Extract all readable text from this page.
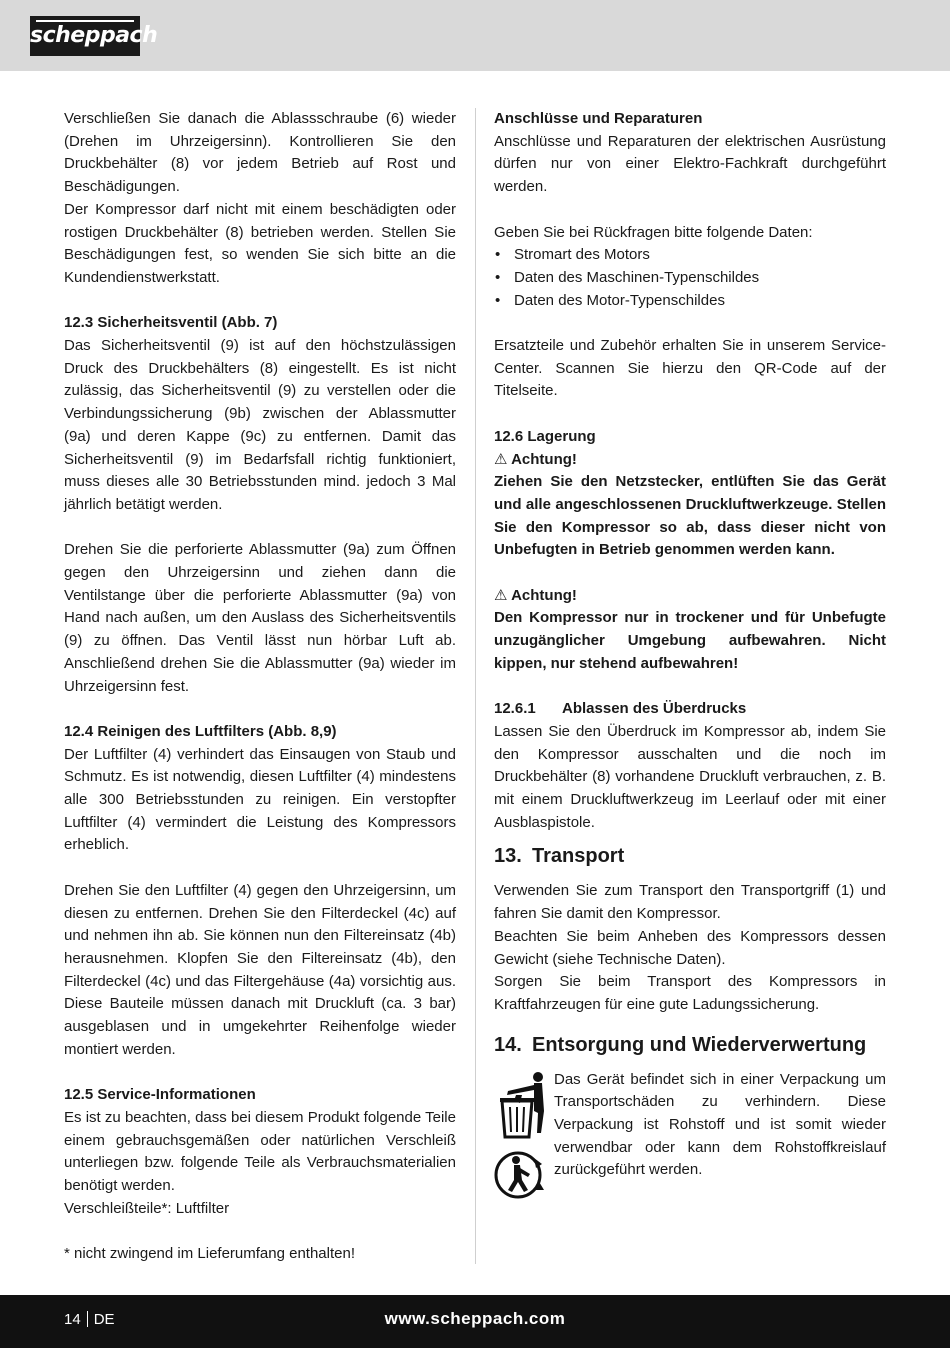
scheppach

Verschließen Sie danach die Ablassschraube (6) wieder (Drehen im Uhrzeigersinn). Kontrollieren Sie den Druckbehälter (8) vor jedem Betrieb auf Rost und Beschädigungen.

Der Kompressor darf nicht mit einem beschädigten oder rostigen Druckbehälter (8) betrieben werden. Stellen Sie Beschädigungen fest, so wenden Sie sich bitte an die Kundendienstwerkstatt.

12.3 Sicherheitsventil (Abb. 7)

Das Sicherheitsventil (9) ist auf den höchstzulässigen Druck des Druckbehälters (8) eingestellt. Es ist nicht zulässig, das Sicherheitsventil (9) zu verstellen oder die Verbindungssicherung (9b) zwischen der Ablassmutter (9a) und deren Kappe (9c) zu entfernen. Damit das Sicherheitsventil (9) im Bedarfsfall richtig funktioniert, muss dieses alle 30 Betriebsstunden mind. jedoch 3 Mal jährlich betätigt werden.

Drehen Sie die perforierte Ablassmutter (9a) zum Öffnen gegen den Uhrzeigersinn und ziehen dann die Ventilstange über die perforierte Ablassmutter (9a) von Hand nach außen, um den Auslass des Sicherheitsventils (9) zu öffnen. Das Ventil lässt nun hörbar Luft ab. Anschließend drehen Sie die Ablassmutter (9a) wieder im Uhrzeigersinn fest.

12.4 Reinigen des Luftfilters (Abb. 8,9)

Der Luftfilter (4) verhindert das Einsaugen von Staub und Schmutz. Es ist notwendig, diesen Luftfilter (4) mindestens alle 300 Betriebsstunden zu reinigen. Ein verstopfter Luftfilter (4) vermindert die Leistung des Kompressors erheblich.

Drehen Sie den Luftfilter (4) gegen den Uhrzeigersinn, um diesen zu entfernen. Drehen Sie den Filterdeckel (4c) auf und nehmen ihn ab. Sie können nun den Filtereinsatz (4b) herausnehmen. Klopfen Sie den Filtereinsatz (4b), den Filterdeckel (4c) und das Filtergehäuse (4a) vorsichtig aus. Diese Bauteile müssen danach mit Druckluft (ca. 3 bar) ausgeblasen und in umgekehrter Reihenfolge wieder montiert werden.

12.5 Service-Informationen

Es ist zu beachten, dass bei diesem Produkt folgende Teile einem gebrauchsgemäßen oder natürlichen Verschleiß unterliegen bzw. folgende Teile als Verbrauchsmaterialien benötigt werden.

Verschleißteile*: Luftfilter

* nicht zwingend im Lieferumfang enthalten!

Anschlüsse und Reparaturen

Anschlüsse und Reparaturen der elektrischen Ausrüstung dürfen nur von einer Elektro-Fachkraft durchgeführt werden.

Geben Sie bei Rückfragen bitte folgende Daten:

• Stromart des Motors
• Daten des Maschinen-Typenschildes
• Daten des Motor-Typenschildes

Ersatzteile und Zubehör erhalten Sie in unserem Service-Center. Scannen Sie hierzu den QR-Code auf der Titelseite.

12.6 Lagerung

⚠ Achtung!

Ziehen Sie den Netzstecker, entlüften Sie das Gerät und alle angeschlossenen Druckluftwerkzeuge. Stellen Sie den Kompressor so ab, dass dieser nicht von Unbefugten in Betrieb genommen werden kann.

⚠ Achtung!

Den Kompressor nur in trockener und für Unbefugte unzugänglicher Umgebung aufbewahren. Nicht kippen, nur stehend aufbewahren!

12.6.1 Ablassen des Überdrucks

Lassen Sie den Überdruck im Kompressor ab, indem Sie den Kompressor ausschalten und die noch im Druckbehälter (8) vorhandene Druckluft verbrauchen, z. B. mit einem Druckluftwerkzeug im Leerlauf oder mit einer Ausblaspistole.

13. Transport

Verwenden Sie zum Transport den Transportgriff (1) und fahren Sie damit den Kompressor.

Beachten Sie beim Anheben des Kompressors dessen Gewicht (siehe Technische Daten).

Sorgen Sie beim Transport des Kompressors in Kraftfahrzeugen für eine gute Ladungssicherung.

14. Entsorgung und Wiederverwertung

Das Gerät befindet sich in einer Verpackung um Transportschäden zu verhindern. Diese Verpackung ist Rohstoff und ist somit wieder verwendbar oder kann dem Rohstoffkreislauf zurückgeführt werden.

14 DE	www.scheppach.com
